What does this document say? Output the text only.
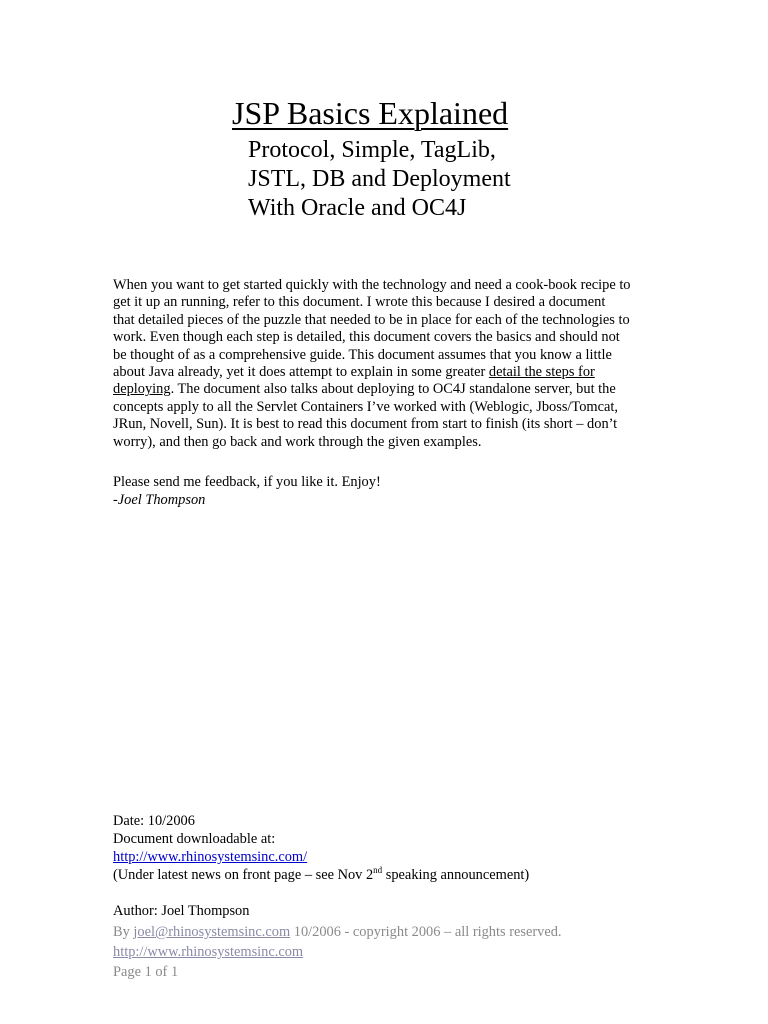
JSP Basics Explained
Protocol, Simple, TagLib,
JSTL, DB and Deployment
With Oracle and OC4J
When you want to get started quickly with the technology and need a cook-book recipe to
get it up an running, refer to this document. I wrote this because I desired a document
that detailed pieces of the puzzle that needed to be in place for each of the technologies to
work. Even though each step is detailed, this document covers the basics and should not
be thought of as a comprehensive guide. This document assumes that you know a little
about Java already, yet it does attempt to explain in some greater detail the steps for
deploying. The document also talks about deploying to OC4J standalone server, but the
concepts apply to all the Servlet Containers I’ve worked with (Weblogic, Jboss/Tomcat,
JRun, Novell, Sun). It is best to read this document from start to finish (its short – don’t
worry), and then go back and work through the given examples.
Please send me feedback, if you like it. Enjoy!
-Joel Thompson
Date: 10/2006
Document downloadable at:
http://www.rhinosystemsinc.com/
(Under latest news on front page – see Nov 2nd speaking announcement)
Author: Joel Thompson
By joel@rhinosystemsinc.com 10/2006 - copyright 2006 – all rights reserved.
http://www.rhinosystemsinc.com
Page 1 of 1
